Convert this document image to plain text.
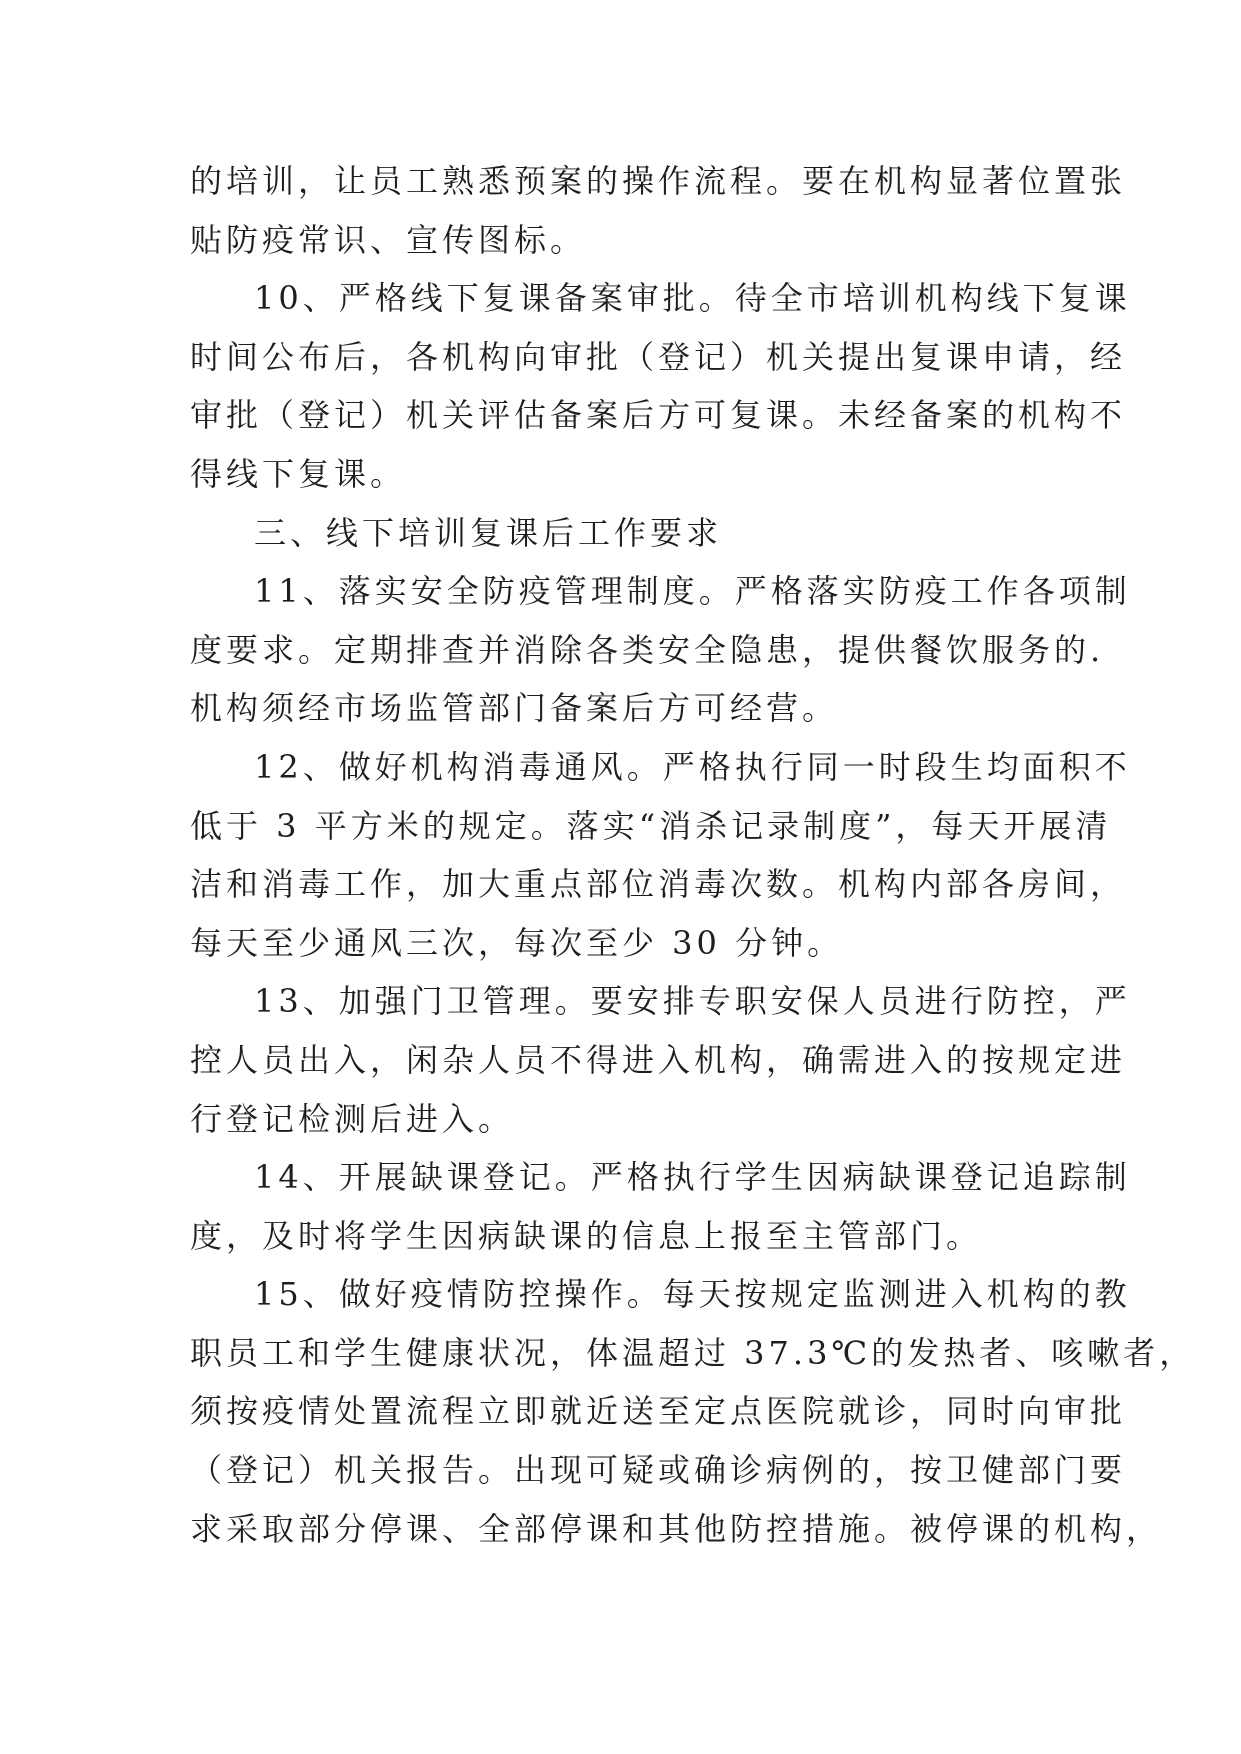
的培训，让员工熟悉预案的操作流程。要在机构显著位置张
贴防疫常识、宣传图标。
10、严格线下复课备案审批。待全市培训机构线下复课
时间公布后，各机构向审批（登记）机关提出复课申请，经
审批（登记）机关评估备案后方可复课。未经备案的机构不
得线下复课。
三、线下培训复课后工作要求
11、落实安全防疫管理制度。严格落实防疫工作各项制
度要求。定期排查并消除各类安全隐患，提供餐饮服务的.
机构须经市场监管部门备案后方可经营。
12、做好机构消毒通风。严格执行同一时段生均面积不
低于 3 平方米的规定。落实“消杀记录制度”，每天开展清
洁和消毒工作，加大重点部位消毒次数。机构内部各房间，
每天至少通风三次，每次至少 30 分钟。
13、加强门卫管理。要安排专职安保人员进行防控，严
控人员出入，闲杂人员不得进入机构，确需进入的按规定进
行登记检测后进入。
14、开展缺课登记。严格执行学生因病缺课登记追踪制
度，及时将学生因病缺课的信息上报至主管部门。
15、做好疫情防控操作。每天按规定监测进入机构的教
职员工和学生健康状况，体温超过 37.3℃的发热者、咳嗽者，
须按疫情处置流程立即就近送至定点医院就诊，同时向审批
（登记）机关报告。出现可疑或确诊病例的，按卫健部门要
求采取部分停课、全部停课和其他防控措施。被停课的机构，
